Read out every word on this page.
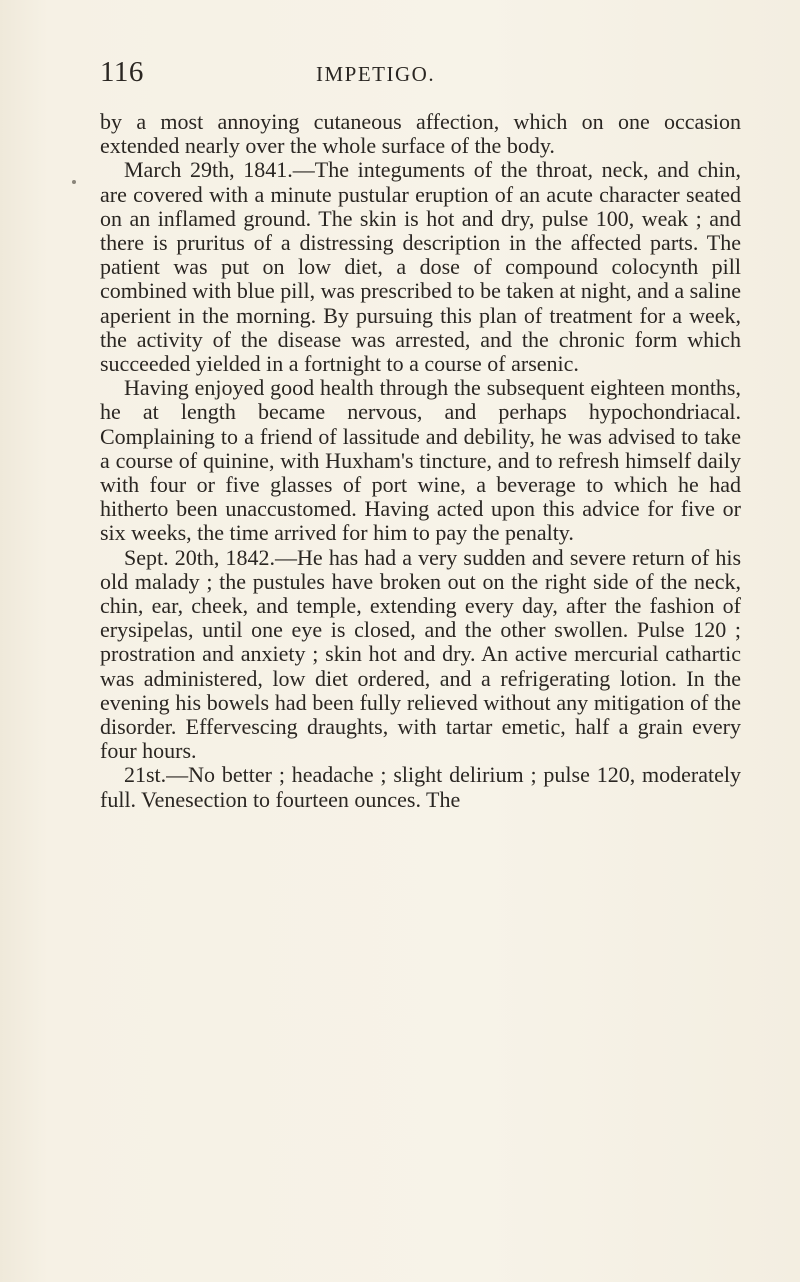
116	IMPETIGO.

by a most annoying cutaneous affection, which on one occasion extended nearly over the whole surface of the body.

March 29th, 1841.—The integuments of the throat, neck, and chin, are covered with a minute pustular eruption of an acute character seated on an inflamed ground. The skin is hot and dry, pulse 100, weak ; and there is pruritus of a distressing description in the affected parts. The patient was put on low diet, a dose of compound colocynth pill combined with blue pill, was prescribed to be taken at night, and a saline aperient in the morning. By pursuing this plan of treatment for a week, the activity of the disease was arrested, and the chronic form which succeeded yielded in a fortnight to a course of arsenic.

Having enjoyed good health through the subsequent eighteen months, he at length became nervous, and perhaps hypochondriacal. Complaining to a friend of lassitude and debility, he was advised to take a course of quinine, with Huxham's tincture, and to refresh himself daily with four or five glasses of port wine, a beverage to which he had hitherto been unaccustomed. Having acted upon this advice for five or six weeks, the time arrived for him to pay the penalty.

Sept. 20th, 1842.—He has had a very sudden and severe return of his old malady ; the pustules have broken out on the right side of the neck, chin, ear, cheek, and temple, extending every day, after the fashion of erysipelas, until one eye is closed, and the other swollen. Pulse 120 ; prostration and anxiety ; skin hot and dry. An active mercurial cathartic was administered, low diet ordered, and a refrigerating lotion. In the evening his bowels had been fully relieved without any mitigation of the disorder. Effervescing draughts, with tartar emetic, half a grain every four hours.

21st.—No better ; headache ; slight delirium ; pulse 120, moderately full. Venesection to fourteen ounces. The
